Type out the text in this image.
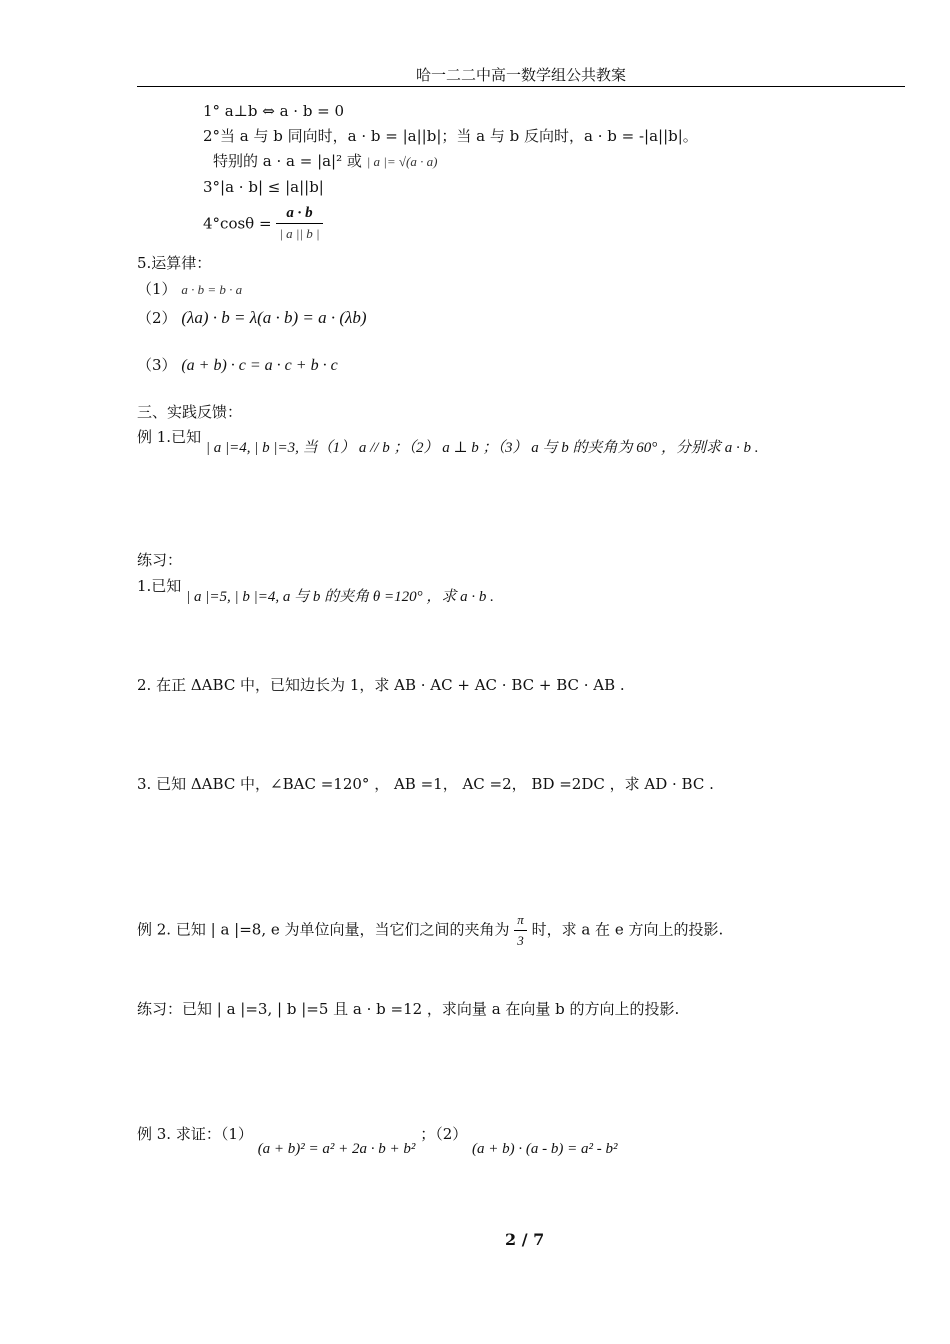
哈一二二中高一数学组公共教案
1° a⊥b ⇔ a · b = 0
2°当 a 与 b 同向时，a · b = |a||b|；当 a 与 b 反向时，a · b = -|a||b|。
特别的 a · a = |a|² 或 | a |= √(a · a)
3°|a · b| ≤ |a||b|
$4^\circ\cos\theta = \frac{a \cdot b}{| a || b |}$
5.运算律：
（1） a · b = b · a
（2） (λa) · b = λ(a · b) = a · (λb)
（3） (a + b) · c = a · c + b · c
三、实践反馈：
例 1.已知 | a |=4, | b |=3, 当（1） a // b ；（2） a ⊥ b ；（3） a 与 b 的夹角为 60° ，分别求 a · b .
练习：
1.已知 | a |=5, | b |=4, a 与 b 的夹角 θ =120° ，求 a · b .
2. 在正 ΔABC 中，已知边长为 1，求 AB · AC + AC · BC + BC · AB .
3. 已知 ΔABC 中，∠BAC =120° ， AB =1， AC =2， BD =2DC ，求 AD · BC .
例 2. 已知 | a |=8, e 为单位向量，当它们之间的夹角为 $\frac{\pi}{3}$ 时，求 a 在 e 方向上的投影.
练习：已知 | a |=3, | b |=5 且 a · b =12 ，求向量 a 在向量 b 的方向上的投影.
例 3. 求证：（1） (a + b)² = a² + 2a · b + b² ；（2） (a + b) · (a - b) = a² - b²
2 / 7
